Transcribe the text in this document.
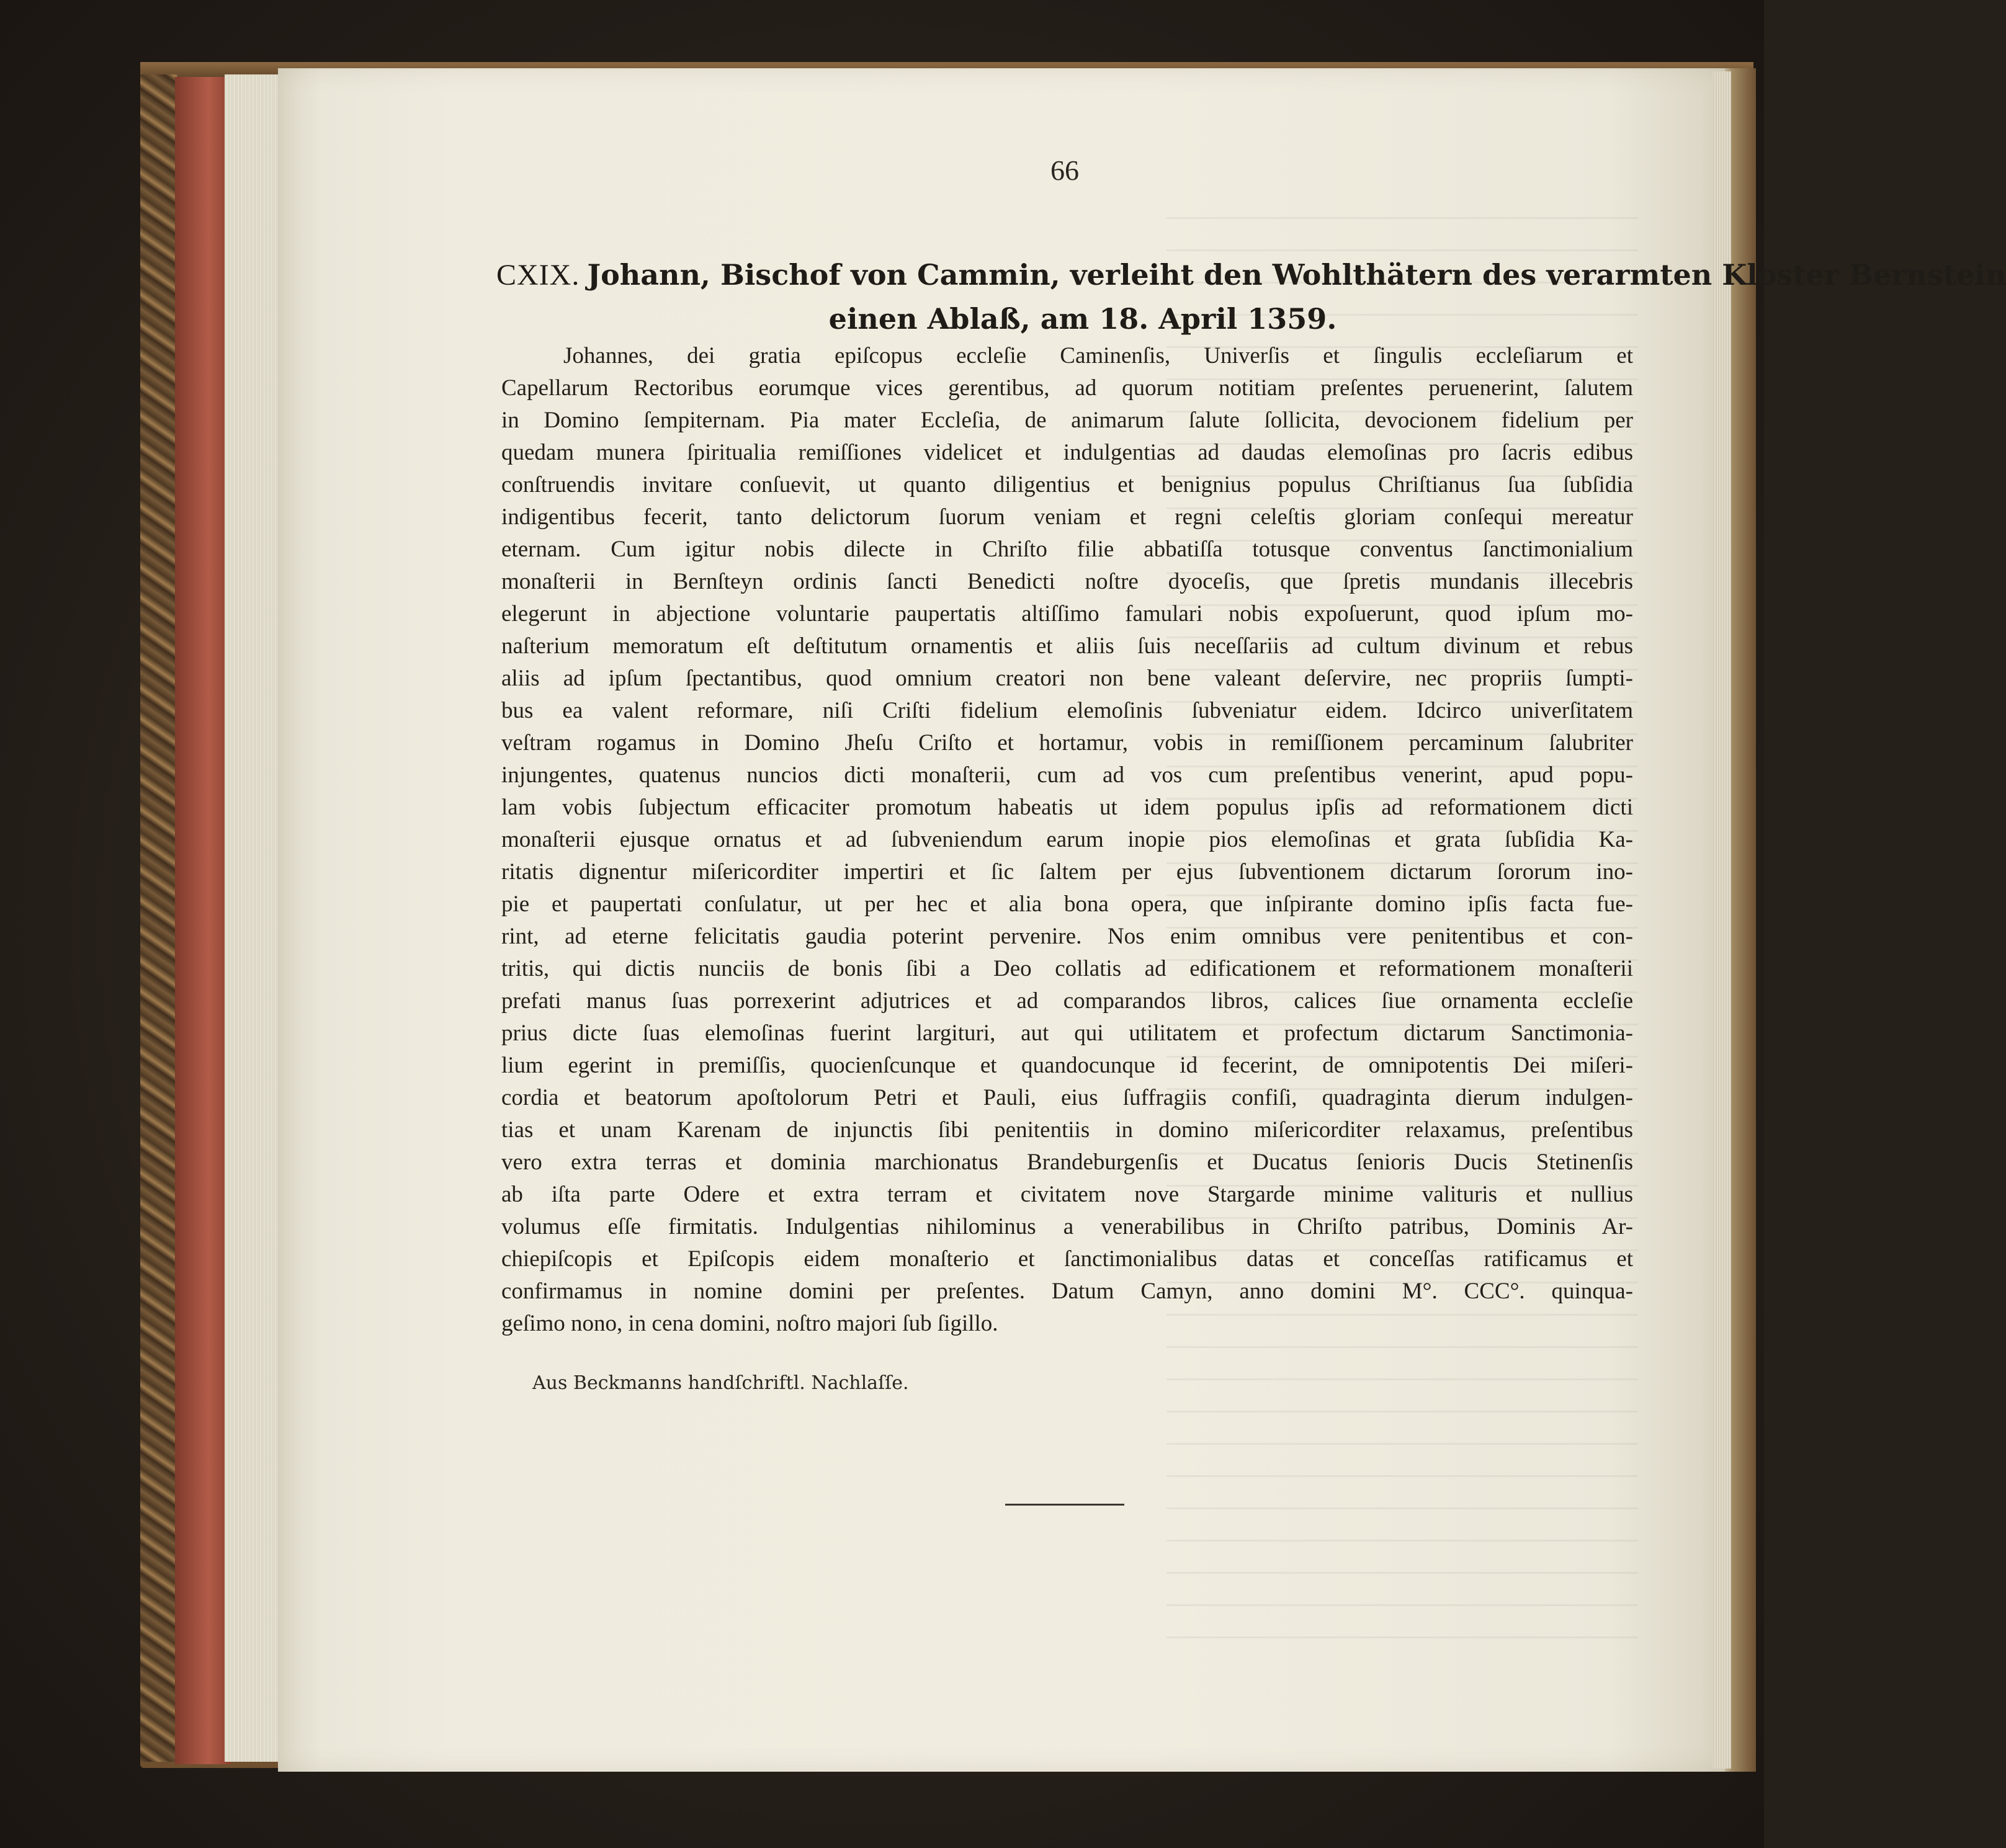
66
CXIX. Johann, Bischof von Cammin, verleiht den Wohlthätern des verarmten Kloster Bernstein
einen Ablaß, am 18. April 1359.
Johannes, dei gratia epiſcopus eccleſie Caminenſis, Univerſis et ſingulis eccleſiarum et
Capellarum Rectoribus eorumque vices gerentibus, ad quorum notitiam preſentes peruenerint, ſalutem
in Domino ſempiternam. Pia mater Eccleſia, de animarum ſalute ſollicita, devocionem fidelium per
quedam munera ſpiritualia remiſſiones videlicet et indulgentias ad daudas elemoſinas pro ſacris edibus
conſtruendis invitare conſuevit, ut quanto diligentius et benignius populus Chriſtianus ſua ſubſidia
indigentibus fecerit, tanto delictorum ſuorum veniam et regni celeſtis gloriam conſequi mereatur
eternam. Cum igitur nobis dilecte in Chriſto filie abbatiſſa totusque conventus ſanctimonialium
monaſterii in Bernſteyn ordinis ſancti Benedicti noſtre dyoceſis, que ſpretis mundanis illecebris
elegerunt in abjectione voluntarie paupertatis altiſſimo famulari nobis expoſuerunt, quod ipſum mo-
naſterium memoratum eſt deſtitutum ornamentis et aliis ſuis neceſſariis ad cultum divinum et rebus
aliis ad ipſum ſpectantibus, quod omnium creatori non bene valeant deſervire, nec propriis ſumpti-
bus ea valent reformare, niſi Criſti fidelium elemoſinis ſubveniatur eidem. Idcirco univerſitatem
veſtram rogamus in Domino Jheſu Criſto et hortamur, vobis in remiſſionem percaminum ſalubriter
injungentes, quatenus nuncios dicti monaſterii, cum ad vos cum preſentibus venerint, apud popu-
lam vobis ſubjectum efficaciter promotum habeatis ut idem populus ipſis ad reformationem dicti
monaſterii ejusque ornatus et ad ſubveniendum earum inopie pios elemoſinas et grata ſubſidia Ka-
ritatis dignentur miſericorditer impertiri et ſic ſaltem per ejus ſubventionem dictarum ſororum ino-
pie et paupertati conſulatur, ut per hec et alia bona opera, que inſpirante domino ipſis facta fue-
rint, ad eterne felicitatis gaudia poterint pervenire. Nos enim omnibus vere penitentibus et con-
tritis, qui dictis nunciis de bonis ſibi a Deo collatis ad edificationem et reformationem monaſterii
prefati manus ſuas porrexerint adjutrices et ad comparandos libros, calices ſiue ornamenta eccleſie
prius dicte ſuas elemoſinas fuerint largituri, aut qui utilitatem et profectum dictarum Sanctimonia-
lium egerint in premiſſis, quocienſcunque et quandocunque id fecerint, de omnipotentis Dei miſeri-
cordia et beatorum apoſtolorum Petri et Pauli, eius ſuffragiis confiſi, quadraginta dierum indulgen-
tias et unam Karenam de injunctis ſibi penitentiis in domino miſericorditer relaxamus, preſentibus
vero extra terras et dominia marchionatus Brandeburgenſis et Ducatus ſenioris Ducis Stetinenſis
ab iſta parte Odere et extra terram et civitatem nove Stargarde minime valituris et nullius
volumus eſſe firmitatis. Indulgentias nihilominus a venerabilibus in Chriſto patribus, Dominis Ar-
chiepiſcopis et Epiſcopis eidem monaſterio et ſanctimonialibus datas et conceſſas ratificamus et
confirmamus in nomine domini per preſentes. Datum Camyn, anno domini M°. CCC°. quinqua-
geſimo nono, in cena domini, noſtro majori ſub ſigillo.
Aus Beckmanns handſchriftl. Nachlaſſe.
